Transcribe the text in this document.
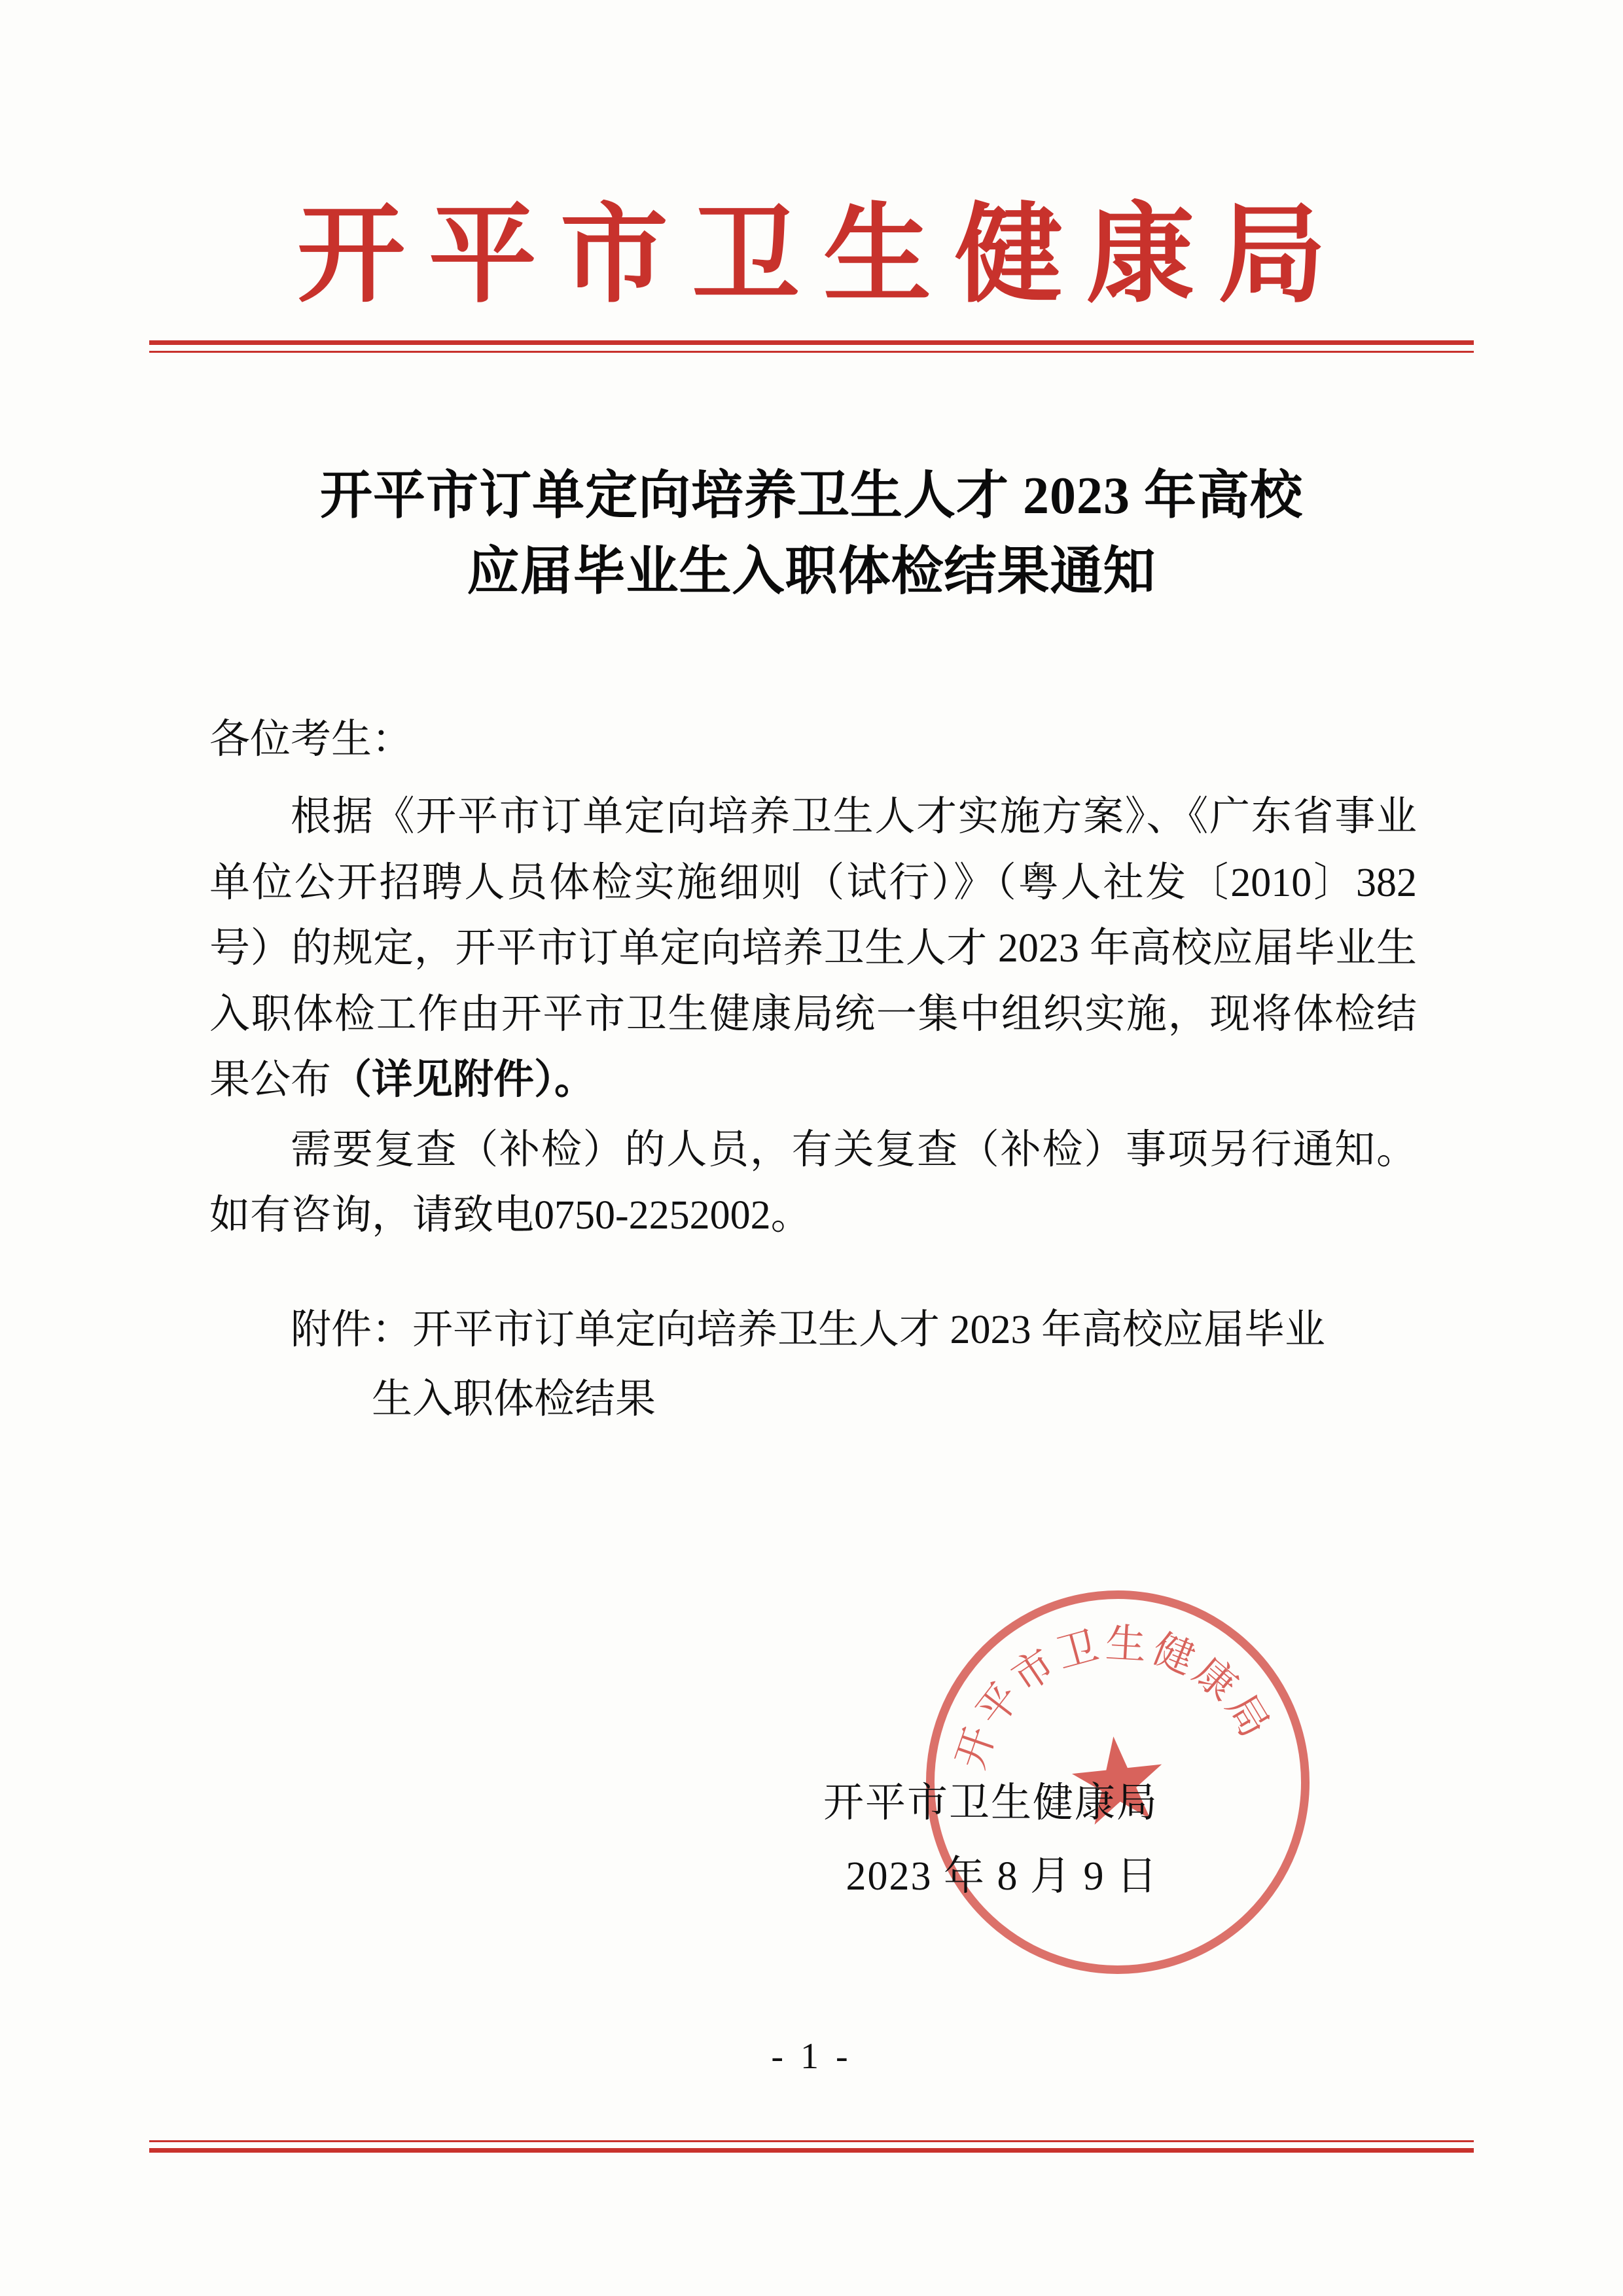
开平市卫生健康局
开平市订单定向培养卫生人才 2023 年高校
应届毕业生入职体检结果通知

各位考生：

根据《开平市订单定向培养卫生人才实施方案》、《广东省事业单位公开招聘人员体检实施细则（试行）》（粤人社发〔2010〕382 号）的规定，开平市订单定向培养卫生人才 2023 年高校应届毕业生入职体检工作由开平市卫生健康局统一集中组织实施，现将体检结果公布（详见附件）。

需要复查（补检）的人员，有关复查（补检）事项另行通知。如有咨询，请致电0750-2252002。

附件：开平市订单定向培养卫生人才 2023 年高校应届毕业

生入职体检结果

开平市卫生健康局
★
开平市卫生健康局
2023 年 8 月 9 日
- 1 -
